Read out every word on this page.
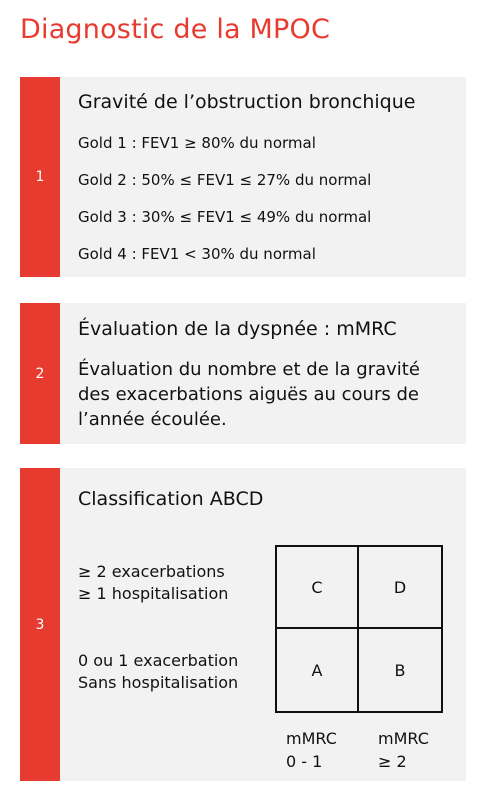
Diagnostic de la MPOC
1
Gravité de l’obstruction bronchique
Gold 1 : FEV1 ≥ 80% du normal
Gold 2 : 50% ≤ FEV1 ≤ 27% du normal
Gold 3 : 30% ≤ FEV1 ≤ 49% du normal
Gold 4 : FEV1 < 30% du normal
2
Évaluation de la dyspnée : mMRC
Évaluation du nombre et de la gravité des exacerbations aiguës au cours de l’année écoulée.
3
Classification ABCD
≥ 2 exacerbations
≥ 1 hospitalisation
0 ou 1 exacerbation
Sans hospitalisation
C	D
A	B
mMRC
0 - 1
mMRC
≥ 2
